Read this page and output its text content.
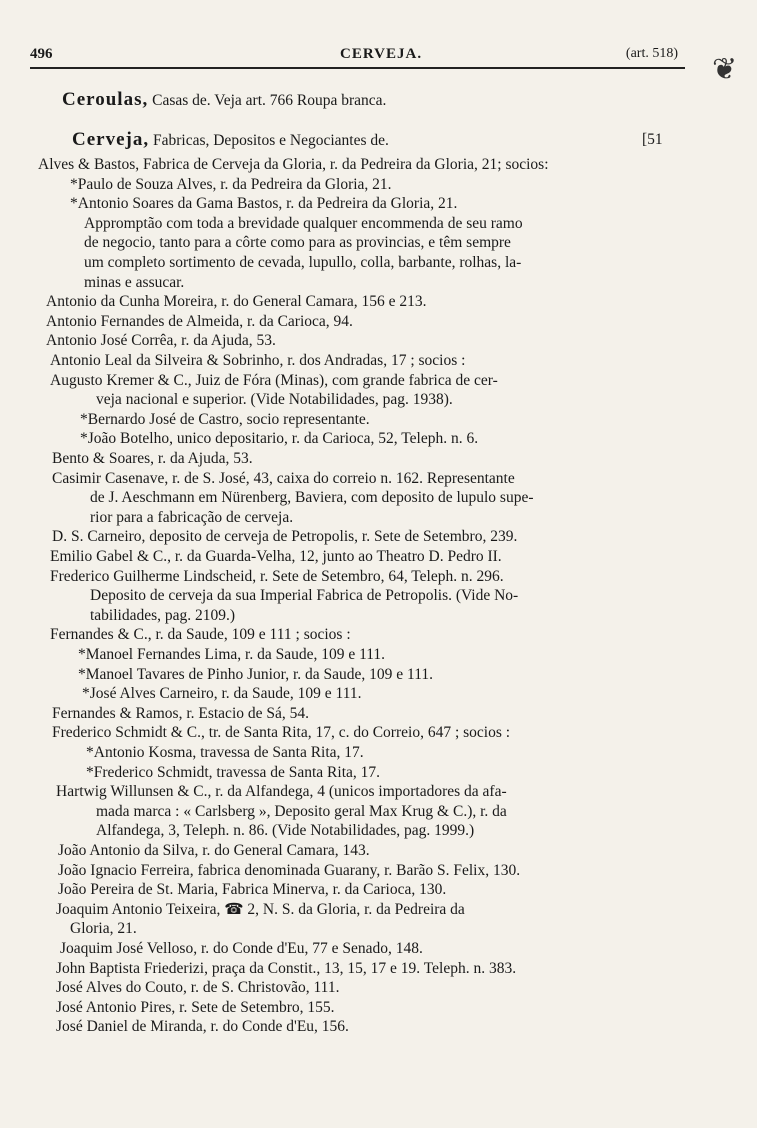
496	CERVEJA.	(art. 518) ❦
Ceroulas, Casas de. Veja art. 766 Roupa branca.
Cerveja, Fabricas, Depositos e Negociantes de.	[51
Alves & Bastos, Fabrica de Cerveja da Gloria, r. da Pedreira da Gloria, 21; socios:
*Paulo de Souza Alves, r. da Pedreira da Gloria, 21.
*Antonio Soares da Gama Bastos, r. da Pedreira da Gloria, 21.
Appromptão com toda a brevidade qualquer encommenda de seu ramo
de negocio, tanto para a côrte como para as provincias, e têm sempre
um completo sortimento de cevada, lupullo, colla, barbante, rolhas, la-
minas e assucar.
Antonio da Cunha Moreira, r. do General Camara, 156 e 213.
Antonio Fernandes de Almeida, r. da Carioca, 94.
Antonio José Corrêa, r. da Ajuda, 53.
Antonio Leal da Silveira & Sobrinho, r. dos Andradas, 17 ; socios :
Augusto Kremer & C., Juiz de Fóra (Minas), com grande fabrica de cer-
veja nacional e superior. (Vide Notabilidades, pag. 1938).
*Bernardo José de Castro, socio representante.
*João Botelho, unico depositario, r. da Carioca, 52, Teleph. n. 6.
Bento & Soares, r. da Ajuda, 53.
Casimir Casenave, r. de S. José, 43, caixa do correio n. 162. Representante
de J. Aeschmann em Nürenberg, Baviera, com deposito de lupulo supe-
rior para a fabricação de cerveja.
D. S. Carneiro, deposito de cerveja de Petropolis, r. Sete de Setembro, 239.
Emilio Gabel & C., r. da Guarda-Velha, 12, junto ao Theatro D. Pedro II.
Frederico Guilherme Lindscheid, r. Sete de Setembro, 64, Teleph. n. 296.
Deposito de cerveja da sua Imperial Fabrica de Petropolis. (Vide No-
tabilidades, pag. 2109.)
Fernandes & C., r. da Saude, 109 e 111 ; socios :
*Manoel Fernandes Lima, r. da Saude, 109 e 111.
*Manoel Tavares de Pinho Junior, r. da Saude, 109 e 111.
*José Alves Carneiro, r. da Saude, 109 e 111.
Fernandes & Ramos, r. Estacio de Sá, 54.
Frederico Schmidt & C., tr. de Santa Rita, 17, c. do Correio, 647 ; socios :
*Antonio Kosma, travessa de Santa Rita, 17.
*Frederico Schmidt, travessa de Santa Rita, 17.
Hartwig Willunsen & C., r. da Alfandega, 4 (unicos importadores da afa-
mada marca : « Carlsberg », Deposito geral Max Krug & C.), r. da
Alfandega, 3, Teleph. n. 86. (Vide Notabilidades, pag. 1999.)
João Antonio da Silva, r. do General Camara, 143.
João Ignacio Ferreira, fabrica denominada Guarany, r. Barão S. Felix, 130.
João Pereira de St. Maria, Fabrica Minerva, r. da Carioca, 130.
Joaquim Antonio Teixeira, ☎ 2, N. S. da Gloria, r. da Pedreira da
Gloria, 21.
Joaquim José Velloso, r. do Conde d'Eu, 77 e Senado, 148.
John Baptista Friederizi, praça da Constit., 13, 15, 17 e 19. Teleph. n. 383.
José Alves do Couto, r. de S. Christovão, 111.
José Antonio Pires, r. Sete de Setembro, 155.
José Daniel de Miranda, r. do Conde d'Eu, 156.
